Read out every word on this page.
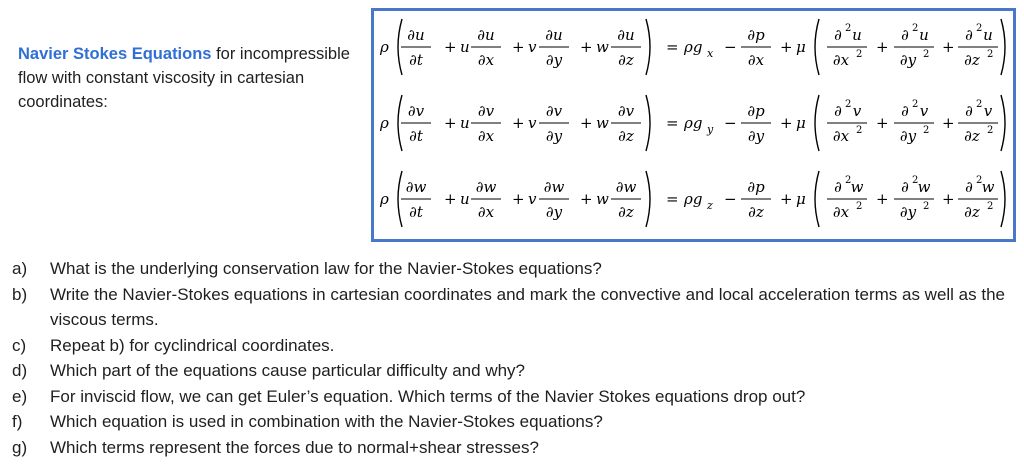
Navier Stokes Equations for incompressible flow with constant viscosity in cartesian coordinates:
ρ
∂u
∂t
+ u
∂u
∂x
+ v
∂u
∂y
+ w
∂u
∂z
= ρg x −
∂p
∂x
+ μ
∂ 2 u
∂x 2 +
∂ 2 u
∂y 2 +
∂ 2 u
∂z 2
ρ
∂v
∂t
+ u
∂v
∂x
+ v
∂v
∂y
+ w
∂v
∂z
= ρg y −
∂p
∂y
+ μ
∂ 2 v
∂x 2 +
∂ 2 v
∂y 2 +
∂ 2 v
∂z 2
ρ
∂w
∂t
+ u
∂w
∂x
+ v
∂w
∂y
+ w
∂w
∂z
= ρg z −
∂p
∂z
+ μ
∂ 2 w
∂x 2 +
∂ 2 w
∂y 2 +
∂ 2 w
∂z 2
a) What is the underlying conservation law for the Navier-Stokes equations?
b) Write the Navier-Stokes equations in cartesian coordinates and mark the convective and local acceleration terms as well as the viscous terms.
c) Repeat b) for cyclindrical coordinates.
d) Which part of the equations cause particular difficulty and why?
e) For inviscid flow, we can get Euler’s equation. Which terms of the Navier Stokes equations drop out?
f) Which equation is used in combination with the Navier-Stokes equations?
g) Which terms represent the forces due to normal+shear stresses?
